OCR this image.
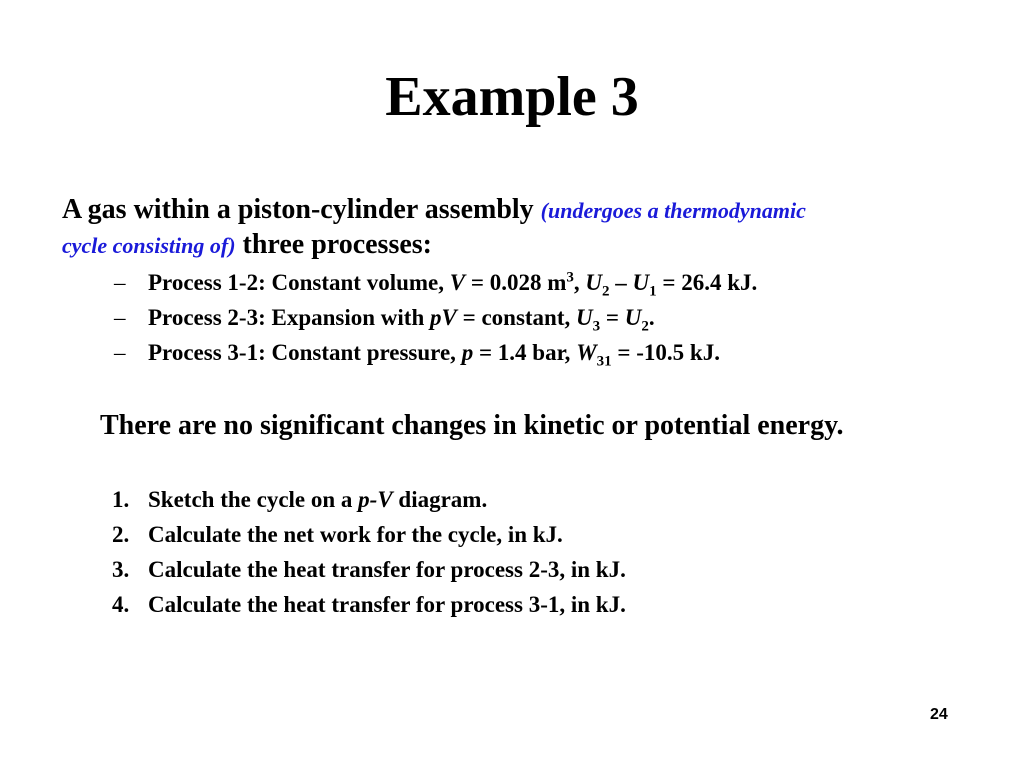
Example 3
A gas within a piston-cylinder assembly (undergoes a thermodynamic cycle consisting of) three processes:
– Process 1-2: Constant volume, V = 0.028 $m^3$, $U_2 - U_1 = 26.4$ kJ.
– Process 2-3: Expansion with pV = constant, $U_3 = U_2$.
– Process 3-1: Constant pressure, p = 1.4 bar, $W_{31} = -10.5$ kJ.
There are no significant changes in kinetic or potential energy.
1. Sketch the cycle on a p-V diagram.
2. Calculate the net work for the cycle, in kJ.
3. Calculate the heat transfer for process 2-3, in kJ.
4. Calculate the heat transfer for process 3-1, in kJ.
24
